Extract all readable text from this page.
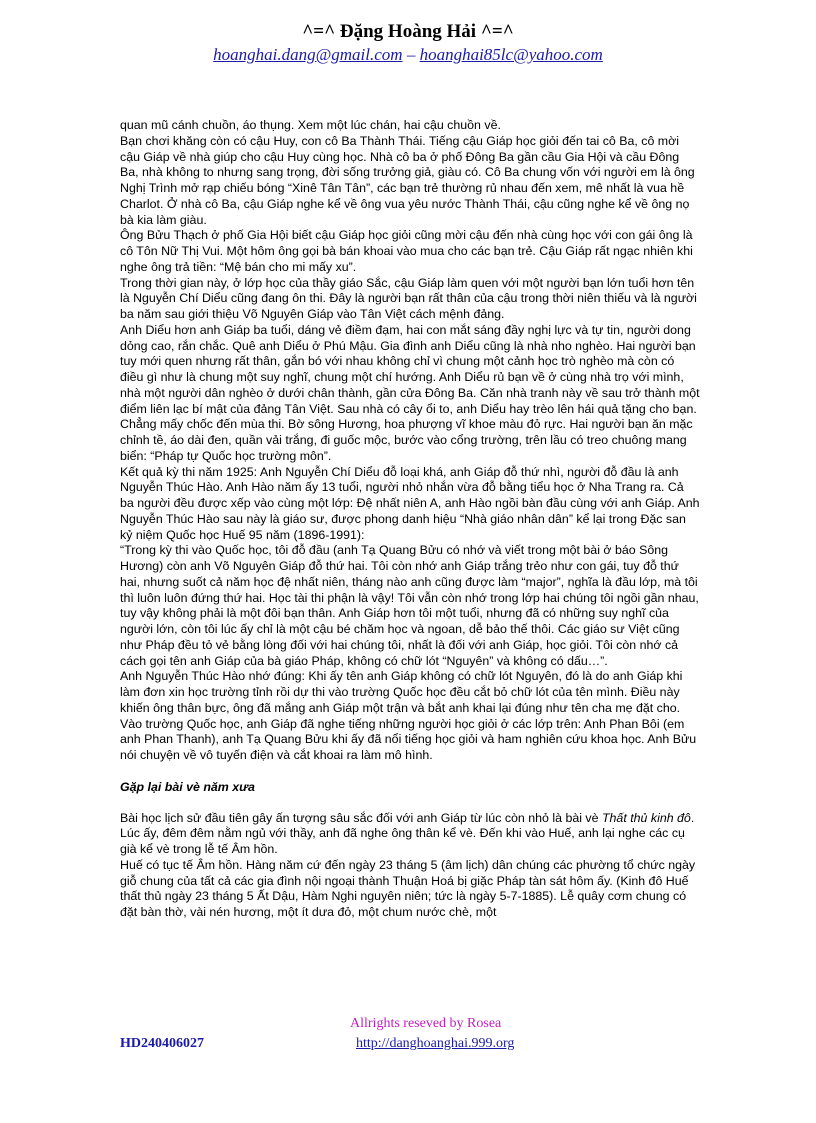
^=^ Đặng Hoàng Hải ^=^
hoanghai.dang@gmail.com – hoanghai85lc@yahoo.com

quan mũ cánh chuồn, áo thụng. Xem một lúc chán, hai cậu chuồn về.

Bạn chơi khăng còn có cậu Huy, con cô Ba Thành Thái. Tiếng cậu Giáp học giỏi đến tai cô Ba, cô mời cậu Giáp về nhà giúp cho cậu Huy cùng học. Nhà cô ba ở phố Đông Ba gần cầu Gia Hội và cầu Đông Ba, nhà không to nhưng sang trọng, đời sống trưởng giả, giàu có. Cô Ba chung vốn với người em là ông Nghị Trình mở rạp chiếu bóng “Xinê Tân Tân”, các bạn trẻ thường rủ nhau đến xem, mê nhất là vua hề Charlot. Ở nhà cô Ba, cậu Giáp nghe kể về ông vua yêu nước Thành Thái, cậu cũng nghe kể về ông nọ bà kia làm giàu.

Ông Bửu Thạch ở phố Gia Hội biết cậu Giáp học giỏi cũng mời cậu đến nhà cùng học với con gái ông là cô Tôn Nữ Thị Vui. Một hôm ông gọi bà bán khoai vào mua cho các bạn trẻ. Cậu Giáp rất ngạc nhiên khi nghe ông trả tiền: “Mệ bán cho mi mấy xu”.

Trong thời gian này, ở lớp học của thầy giáo Sắc, cậu Giáp làm quen với một người bạn lớn tuổi hơn tên là Nguyễn Chí Diểu cũng đang ôn thi. Đây là người bạn rất thân của cậu trong thời niên thiếu và là người ba năm sau giới thiệu Võ Nguyên Giáp vào Tân Việt cách mệnh đảng.

Anh Diểu hơn anh Giáp ba tuổi, dáng vẻ điềm đạm, hai con mắt sáng đầy nghị lực và tự tin, người dong dỏng cao, rắn chắc. Quê anh Diểu ở Phú Mậu. Gia đình anh Diểu cũng là nhà nho nghèo. Hai người bạn tuy mới quen nhưng rất thân, gắn bó với nhau không chỉ vì chung một cảnh học trò nghèo mà còn có điều gì như là chung một suy nghĩ, chung một chí hướng. Anh Diểu rủ bạn về ở cùng nhà trọ với mình, nhà một người dân nghèo ở dưới chân thành, gần cửa Đông Ba. Căn nhà tranh này về sau trở thành một điểm liên lạc bí mật của đảng Tân Việt. Sau nhà có cây ổi to, anh Diểu hay trèo lên hái quả tặng cho bạn.

Chẳng mấy chốc đến mùa thi. Bờ sông Hương, hoa phượng vĩ khoe màu đỏ rực. Hai người bạn ăn mặc chỉnh tề, áo dài đen, quần vải trắng, đi guốc mộc, bước vào cổng trường, trên lầu có treo chuông mang biển: “Pháp tự Quốc học trường môn”.

Kết quả kỳ thi năm 1925: Anh Nguyễn Chí Diểu đỗ loại khá, anh Giáp đỗ thứ nhì, người đỗ đầu là anh Nguyễn Thúc Hào. Anh Hào năm ấy 13 tuổi, người nhỏ nhắn vừa đỗ bằng tiểu học ở Nha Trang ra. Cả ba người đều được xếp vào cùng một lớp: Đệ nhất niên A, anh Hào ngồi bàn đầu cùng với anh Giáp. Anh Nguyễn Thúc Hào sau này là giáo sư, được phong danh hiệu “Nhà giáo nhân dân” kể lại trong Đặc san kỷ niệm Quốc học Huế 95 năm (1896-1991):

“Trong kỳ thi vào Quốc học, tôi đỗ đầu (anh Tạ Quang Bửu có nhớ và viết trong một bài ở báo Sông Hương) còn anh Võ Nguyên Giáp đỗ thứ hai. Tôi còn nhớ anh Giáp trắng trẻo như con gái, tuy đỗ thứ hai, nhưng suốt cả năm học đệ nhất niên, tháng nào anh cũng được làm “major”, nghĩa là đầu lớp, mà tôi thì luôn luôn đứng thứ hai. Học tài thi phận là vậy! Tôi vẫn còn nhớ trong lớp hai chúng tôi ngồi gần nhau, tuy vậy không phải là một đôi bạn thân. Anh Giáp hơn tôi một tuổi, nhưng đã có những suy nghĩ của người lớn, còn tôi lúc ấy chỉ là một cậu bé chăm học và ngoan, dễ bảo thế thôi. Các giáo sư Việt cũng như Pháp đều tỏ vẻ bằng lòng đối với hai chúng tôi, nhất là đối với anh Giáp, học giỏi. Tôi còn nhớ cả cách gọi tên anh Giáp của bà giáo Pháp, không có chữ lót “Nguyên” và không có dấu…”.

Anh Nguyễn Thúc Hào nhớ đúng: Khi ấy tên anh Giáp không có chữ lót Nguyên, đó là do anh Giáp khi làm đơn xin học trường tỉnh rồi dự thi vào trường Quốc học đều cắt bỏ chữ lót của tên mình. Điều này khiến ông thân bực, ông đã mắng anh Giáp một trận và bắt anh khai lại đúng như tên cha mẹ đặt cho.

Vào trường Quốc học, anh Giáp đã nghe tiếng những người học giỏi ở các lớp trên: Anh Phan Bôi (em anh Phan Thanh), anh Tạ Quang Bửu khi ấy đã nổi tiếng học giỏi và ham nghiên cứu khoa học. Anh Bửu nói chuyện về vô tuyến điện và cắt khoai ra làm mô hình.

Gặp lại bài vè năm xưa

Bài học lịch sử đầu tiên gây ấn tượng sâu sắc đối với anh Giáp từ lúc còn nhỏ là bài vè Thất thủ kinh đô. Lúc ấy, đêm đêm nằm ngủ với thầy, anh đã nghe ông thân kể vè. Đến khi vào Huế, anh lại nghe các cụ già kể vè trong lễ tế Âm hồn.

Huế có tục tế Âm hồn. Hàng năm cứ đến ngày 23 tháng 5 (âm lịch) dân chúng các phường tổ chức ngày giỗ chung của tất cả các gia đình nội ngoại thành Thuận Hoá bị giặc Pháp tàn sát hôm ấy. (Kinh đô Huế thất thủ ngày 23 tháng 5 Ất Dậu, Hàm Nghi nguyên niên; tức là ngày 5-7-1885). Lễ quây cơm chung có đặt bàn thờ, vài nén hương, một ít dưa đỏ, một chum nước chè, một

Allrights reseved by Rosea
HD240406027	http://danghoanghai.999.org
